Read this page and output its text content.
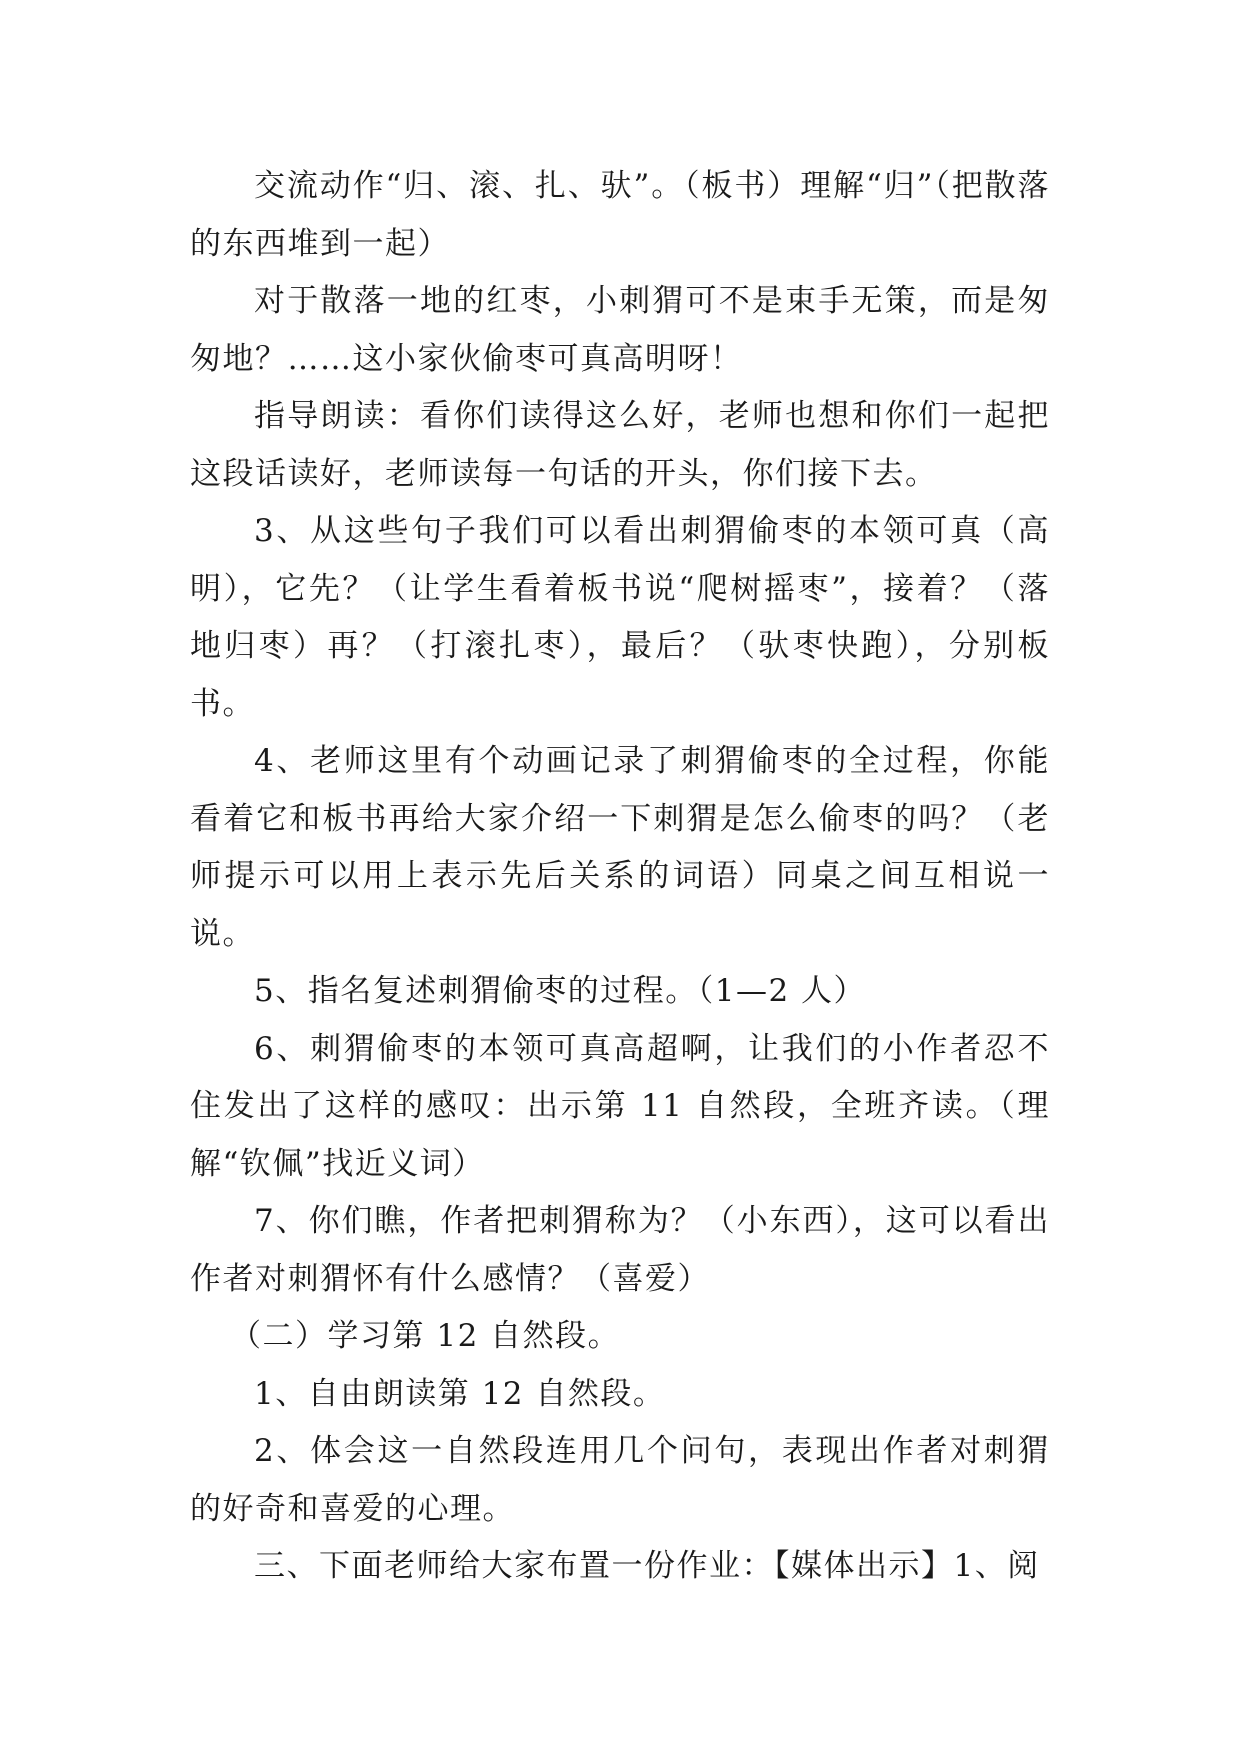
交流动作“归、滚、扎、驮”。（板书）理解“归”（把散落的东西堆到一起）

对于散落一地的红枣，小刺猬可不是束手无策，而是匆匆地？……这小家伙偷枣可真高明呀！

指导朗读：看你们读得这么好，老师也想和你们一起把这段话读好，老师读每一句话的开头，你们接下去。

3、从这些句子我们可以看出刺猬偷枣的本领可真（高明），它先？（让学生看着板书说“爬树摇枣”，接着？（落地归枣）再？（打滚扎枣），最后？（驮枣快跑），分别板书。

4、老师这里有个动画记录了刺猬偷枣的全过程，你能看着它和板书再给大家介绍一下刺猬是怎么偷枣的吗？（老师提示可以用上表示先后关系的词语）同桌之间互相说一说。

5、指名复述刺猬偷枣的过程。（1—2 人）

6、刺猬偷枣的本领可真高超啊，让我们的小作者忍不住发出了这样的感叹：出示第 11 自然段，全班齐读。（理解“钦佩”找近义词）

7、你们瞧，作者把刺猬称为？（小东西），这可以看出作者对刺猬怀有什么感情？（喜爱）

（二）学习第 12 自然段。

1、自由朗读第 12 自然段。

2、体会这一自然段连用几个问句，表现出作者对刺猬的好奇和喜爱的心理。

三、下面老师给大家布置一份作业：【媒体出示】1、阅
